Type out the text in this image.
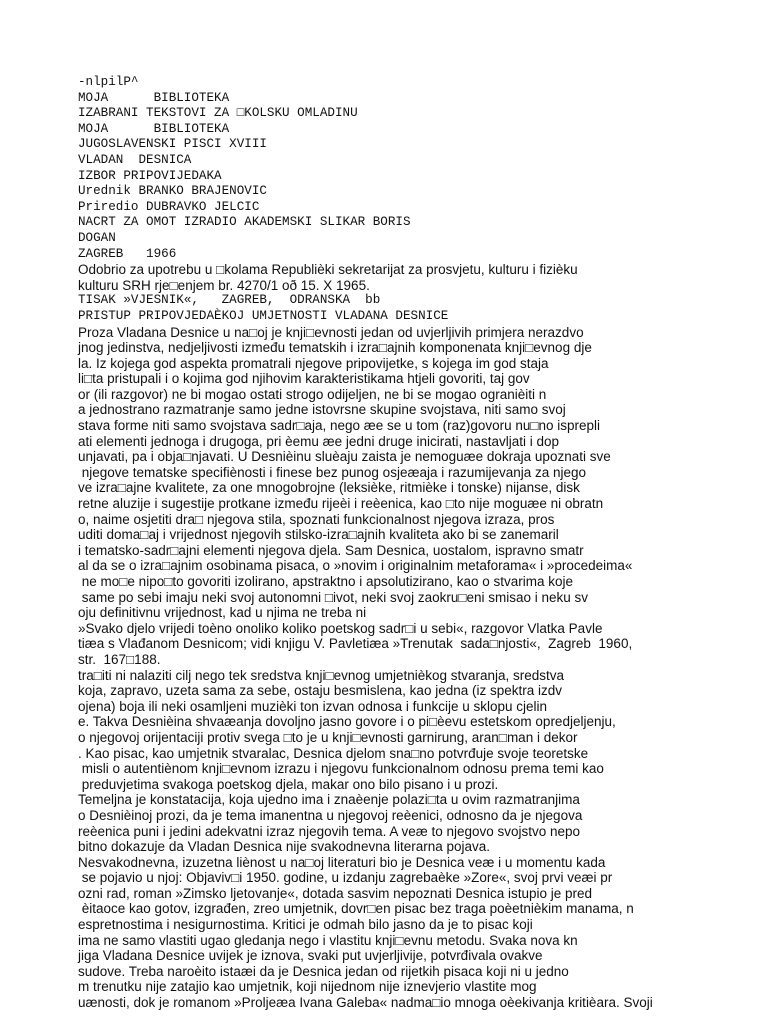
-nlpilP^
MOJA      BIBLIOTEKA
IZABRANI TEKSTOVI ZA □KOLSKU OMLADINU
MOJA      BIBLIOTEKA
JUGOSLAVENSKI PISCI XVIII
VLADAN  DESNICA
IZBOR PRIPOVIJEDAKA
Urednik BRANKO BRAJENOVIC
Priredio DUBRAVKO JELCIC
NACRT ZA OMOT IZRADIO AKADEMSKI SLIKAR BORIS
DOGAN
ZAGREB   1966
Odobrio za upotrebu u □kolama Republièki sekretarijat za prosvjetu, kulturu i fizièku
kulturu SRH rje□enjem br. 4270/1 oð 15. X 1965.
TISAK »VJESNIK«,   ZAGREB,  ODRANSKA  bb
PRISTUP PRIPOVJEDAÈKOJ UMJETNOSTI VLADANA DESNICE
Proza Vladana Desnice u na□oj je knji□evnosti jedan od uvjerljivih primjera nerazdvo
jnog jedinstva, nedjeljivosti između tematskih i izra□ajnih komponenata knji□evnog dje
la. Iz kojega god aspekta promatrali njegove pripovijetke, s kojega im god staja
li□ta pristupali i o kojima god njihovim karakteristikama htjeli govoriti, taj gov
or (ili razgovor) ne bi mogao ostati strogo odijeljen, ne bi se mogao ogranièiti n
a jednostrano razmatranje samo jedne istovrsne skupine svojstava, niti samo svoj
stava forme niti samo svojstava sadr□aja, nego æe se u tom (raz)govoru nu□no isprepli
ati elementi jednoga i drugoga, pri èemu æe jedni druge inicirati, nastavljati i dop
unjavati, pa i obja□njavati. U Desnièinu sluèaju zaista je nemoguæe dokraja upoznati sve
njegove tematske specifiènosti i finese bez punog osjeæaja i razumijevanja za njego
ve izra□ajne kvalitete, za one mnogobrojne (leksièke, ritmièke i tonske) nijanse, disk
retne aluzije i sugestije protkane između rijeèi i reèenica, kao □to nije moguæe ni obratn
o, naime osjetiti dra□ njegova stila, spoznati funkcionalnost njegova izraza, pros
uditi doma□aj i vrijednost njegovih stilsko-izra□ajnih kvaliteta ako bi se zanemaril
i tematsko-sadr□ajni elementi njegova djela. Sam Desnica, uostalom, ispravno smatr
al da se o izra□ajnim osobinama pisaca, o »novim i originalnim metaforama« i »procedeima«
ne mo□e nipo□to govoriti izolirano, apstraktno i apsolutizirano, kao o stvarima koje
same po sebi imaju neki svoj autonomni □ivot, neki svoj zaokru□eni smisao i neku sv
oju definitivnu vrijednost, kad u njima ne treba ni
»Svako djelo vrijedi toèno onoliko koliko poetskog sadr□i u sebi«, razgovor Vlatka Pavle
tiæa s Vlađanom Desnicom; vidi knjigu V. Pavletiæa »Trenutak  sada□njosti«,  Zagreb  1960,
str.  167□188.
tra□iti ni nalaziti cilj nego tek sredstva knji□evnog umjetnièkog stvaranja, sredstva
koja, zapravo, uzeta sama za sebe, ostaju besmislena, kao jedna (iz spektra izdv
ojena) boja ili neki osamljeni muzièki ton izvan odnosa i funkcije u sklopu cjelin
e. Takva Desnièina shvaæanja dovoljno jasno govore i o pi□èevu estetskom opredjeljenju,
o njegovoj orijentaciji protiv svega □to je u knji□evnosti garnirung, aran□man i dekor
. Kao pisac, kao umjetnik stvaralac, Desnica djelom sna□no potvrđuje svoje teoretske
misli o autentiènom knji□evnom izrazu i njegovu funkcionalnom odnosu prema temi kao
preduvjetima svakoga poetskog djela, makar ono bilo pisano i u prozi.
Temeljna je konstatacija, koja ujedno ima i znaèenje polazi□ta u ovim razmatranjima
o Desnièinoj prozi, da je tema imanentna u njegovoj reèenici, odnosno da je njegova
reèenica puni i jedini adekvatni izraz njegovih tema. A veæ to njegovo svojstvo nepo
bitno dokazuje da Vladan Desnica nije svakodnevna literarna pojava.
Nesvakodnevna, izuzetna liènost u na□oj literaturi bio je Desnica veæ i u momentu kada
se pojavio u njoj: Objaviv□i 1950. godine, u izdanju zagrebaèke »Zore«, svoj prvi veæi pr
ozni rad, roman »Zimsko ljetovanje«, dotada sasvim nepoznati Desnica istupio je pred
èitaoce kao gotov, izgrađen, zreo umjetnik, dovr□en pisac bez traga poèetnièkim manama, n
espretnostima i nesigurnostima. Kritici je odmah bilo jasno da je to pisac koji
ima ne samo vlastiti ugao gledanja nego i vlastitu knji□evnu metodu. Svaka nova kn
jiga Vladana Desnice uvijek je iznova, svaki put uvjerljivije, potvrđivala ovakve
sudove. Treba naroèito istaæi da je Desnica jedan od rijetkih pisaca koji ni u jedno
m trenutku nije zatajio kao umjetnik, koji nijednom nije iznevjerio vlastite mog
uænosti, dok je romanom »Proljeæa Ivana Galeba« nadma□io mnoga oèekivanja kritièara. Svoji
